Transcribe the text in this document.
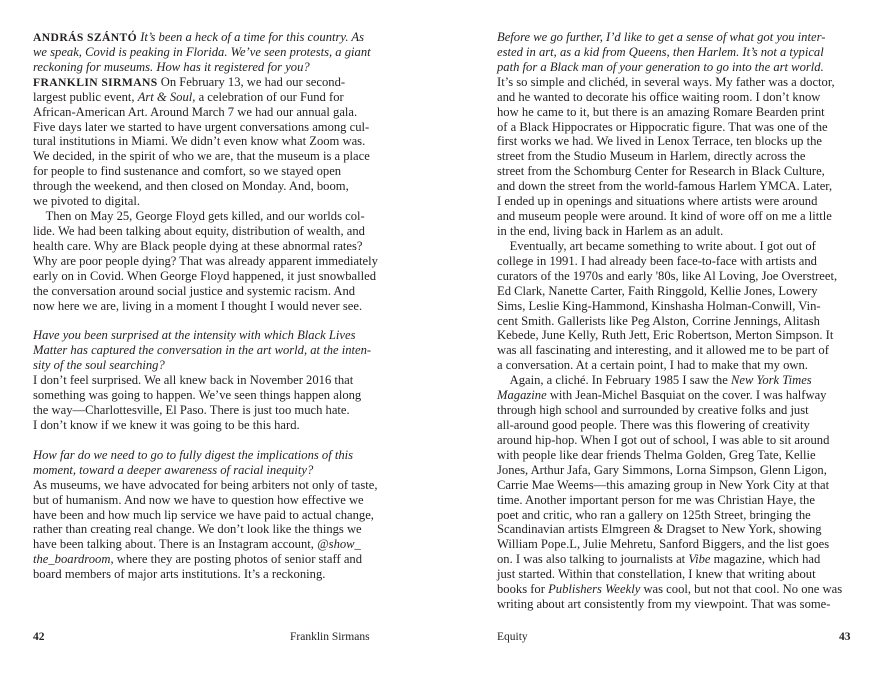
ANDRÁS SZÁNTÓ It’s been a heck of a time for this country. As
we speak, Covid is peaking in Florida. We’ve seen protests, a giant
reckoning for museums. How has it registered for you?
FRANKLIN SIRMANS On February 13, we had our second-
largest public event, Art & Soul, a celebration of our Fund for
African-American Art. Around March 7 we had our annual gala.
Five days later we started to have urgent conversations among cul-
tural institutions in Miami. We didn’t even know what Zoom was.
We decided, in the spirit of who we are, that the museum is a place
for people to find sustenance and comfort, so we stayed open
through the weekend, and then closed on Monday. And, boom,
we pivoted to digital.
 Then on May 25, George Floyd gets killed, and our worlds col-
lide. We had been talking about equity, distribution of wealth, and
health care. Why are Black people dying at these abnormal rates?
Why are poor people dying? That was already apparent immediately
early on in Covid. When George Floyd happened, it just snowballed
the conversation around social justice and systemic racism. And
now here we are, living in a moment I thought I would never see.
Have you been surprised at the intensity with which Black Lives
Matter has captured the conversation in the art world, at the inten-
sity of the soul searching?
I don’t feel surprised. We all knew back in November 2016 that
something was going to happen. We’ve seen things happen along
the way—Charlottesville, El Paso. There is just too much hate.
I don’t know if we knew it was going to be this hard.
How far do we need to go to fully digest the implications of this
moment, toward a deeper awareness of racial inequity?
As museums, we have advocated for being arbiters not only of taste,
but of humanism. And now we have to question how effective we
have been and how much lip service we have paid to actual change,
rather than creating real change. We don’t look like the things we
have been talking about. There is an Instagram account, @show_
the_boardroom, where they are posting photos of senior staff and
board members of major arts institutions. It’s a reckoning.
Before we go further, I’d like to get a sense of what got you inter-
ested in art, as a kid from Queens, then Harlem. It’s not a typical
path for a Black man of your generation to go into the art world.
It’s so simple and clichéd, in several ways. My father was a doctor,
and he wanted to decorate his office waiting room. I don’t know
how he came to it, but there is an amazing Romare Bearden print
of a Black Hippocrates or Hippocratic figure. That was one of the
first works we had. We lived in Lenox Terrace, ten blocks up the
street from the Studio Museum in Harlem, directly across the
street from the Schomburg Center for Research in Black Culture,
and down the street from the world-famous Harlem YMCA. Later,
I ended up in openings and situations where artists were around
and museum people were around. It kind of wore off on me a little
in the end, living back in Harlem as an adult.
 Eventually, art became something to write about. I got out of
college in 1991. I had already been face-to-face with artists and
curators of the 1970s and early '80s, like Al Loving, Joe Overstreet,
Ed Clark, Nanette Carter, Faith Ringgold, Kellie Jones, Lowery
Sims, Leslie King-Hammond, Kinshasha Holman-Conwill, Vin-
cent Smith. Gallerists like Peg Alston, Corrine Jennings, Alitash
Kebede, June Kelly, Ruth Jett, Eric Robertson, Merton Simpson. It
was all fascinating and interesting, and it allowed me to be part of
a conversation. At a certain point, I had to make that my own.
 Again, a cliché. In February 1985 I saw the New York Times
Magazine with Jean-Michel Basquiat on the cover. I was halfway
through high school and surrounded by creative folks and just
all-around good people. There was this flowering of creativity
around hip-hop. When I got out of school, I was able to sit around
with people like dear friends Thelma Golden, Greg Tate, Kellie
Jones, Arthur Jafa, Gary Simmons, Lorna Simpson, Glenn Ligon,
Carrie Mae Weems—this amazing group in New York City at that
time. Another important person for me was Christian Haye, the
poet and critic, who ran a gallery on 125th Street, bringing the
Scandinavian artists Elmgreen & Dragset to New York, showing
William Pope.L, Julie Mehretu, Sanford Biggers, and the list goes
on. I was also talking to journalists at Vibe magazine, which had
just started. Within that constellation, I knew that writing about
books for Publishers Weekly was cool, but not that cool. No one was
writing about art consistently from my viewpoint. That was some-
42	Franklin Sirmans	Equity	43
